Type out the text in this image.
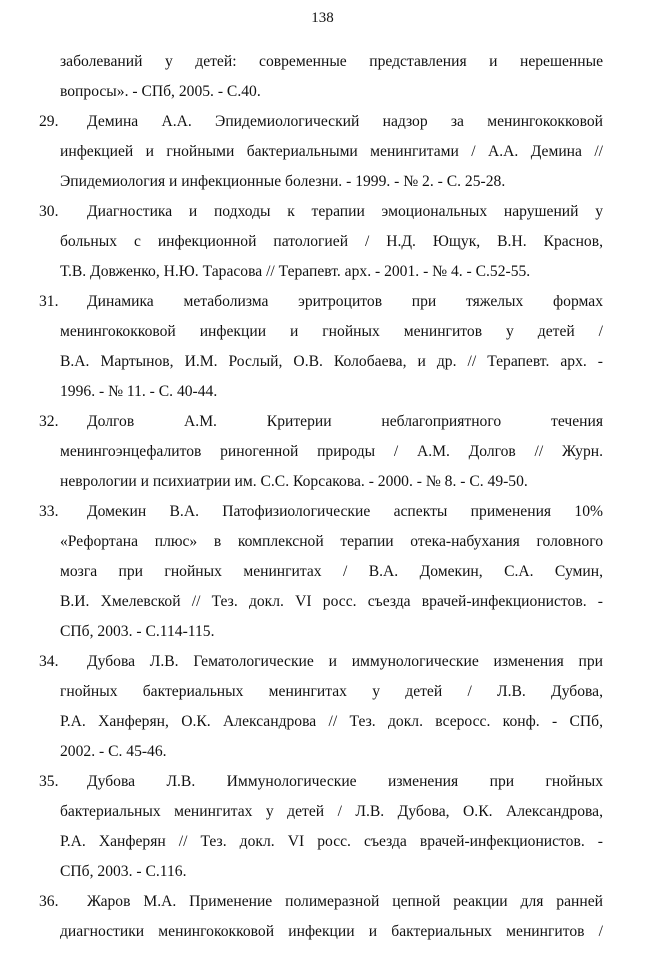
138
заболеваний у детей: современные представления и нерешенные
вопросы». - СПб, 2005. - С.40.
29.	Демина А.А. Эпидемиологический надзор за менингококковой
инфекцией и гнойными бактериальными менингитами / А.А. Демина //
Эпидемиология и инфекционные болезни. - 1999. - № 2. - С. 25-28.
30.	Диагностика и подходы к терапии эмоциональных нарушений у
больных с инфекционной патологией / Н.Д. Ющук, В.Н. Краснов,
Т.В. Довженко, Н.Ю. Тарасова // Терапевт. арх. - 2001. - № 4. - С.52-55.
31.	Динамика метаболизма эритроцитов при тяжелых формах
менингококковой инфекции и гнойных менингитов у детей /
В.А. Мартынов, И.М. Рослый, О.В. Колобаева, и др. // Терапевт. арх. -
1996. - № 11. - С. 40-44.
32.	Долгов А.М. Критерии неблагоприятного течения
менингоэнцефалитов риногенной природы / А.М. Долгов // Журн.
неврологии и психиатрии им. С.С. Корсакова. - 2000. - № 8. - С. 49-50.
33.	Домекин В.А. Патофизиологические аспекты применения 10%
«Рефортана плюс» в комплексной терапии отека-набухания головного
мозга при гнойных менингитах / В.А. Домекин, С.А. Сумин,
В.И. Хмелевской // Тез. докл. VI росс. съезда врачей-инфекционистов. -
СПб, 2003. - С.114-115.
34.	Дубова Л.В. Гематологические и иммунологические изменения при
гнойных бактериальных менингитах у детей / Л.В. Дубова,
Р.А. Ханферян, О.К. Александрова // Тез. докл. всеросс. конф. - СПб,
2002. - С. 45-46.
35.	Дубова Л.В. Иммунологические изменения при гнойных
бактериальных менингитах у детей / Л.В. Дубова, О.К. Александрова,
Р.А. Ханферян // Тез. докл. VI росс. съезда врачей-инфекционистов. -
СПб, 2003. - С.116.
36.	Жаров М.А. Применение полимеразной цепной реакции для ранней
диагностики менингококковой инфекции и бактериальных менингитов /
